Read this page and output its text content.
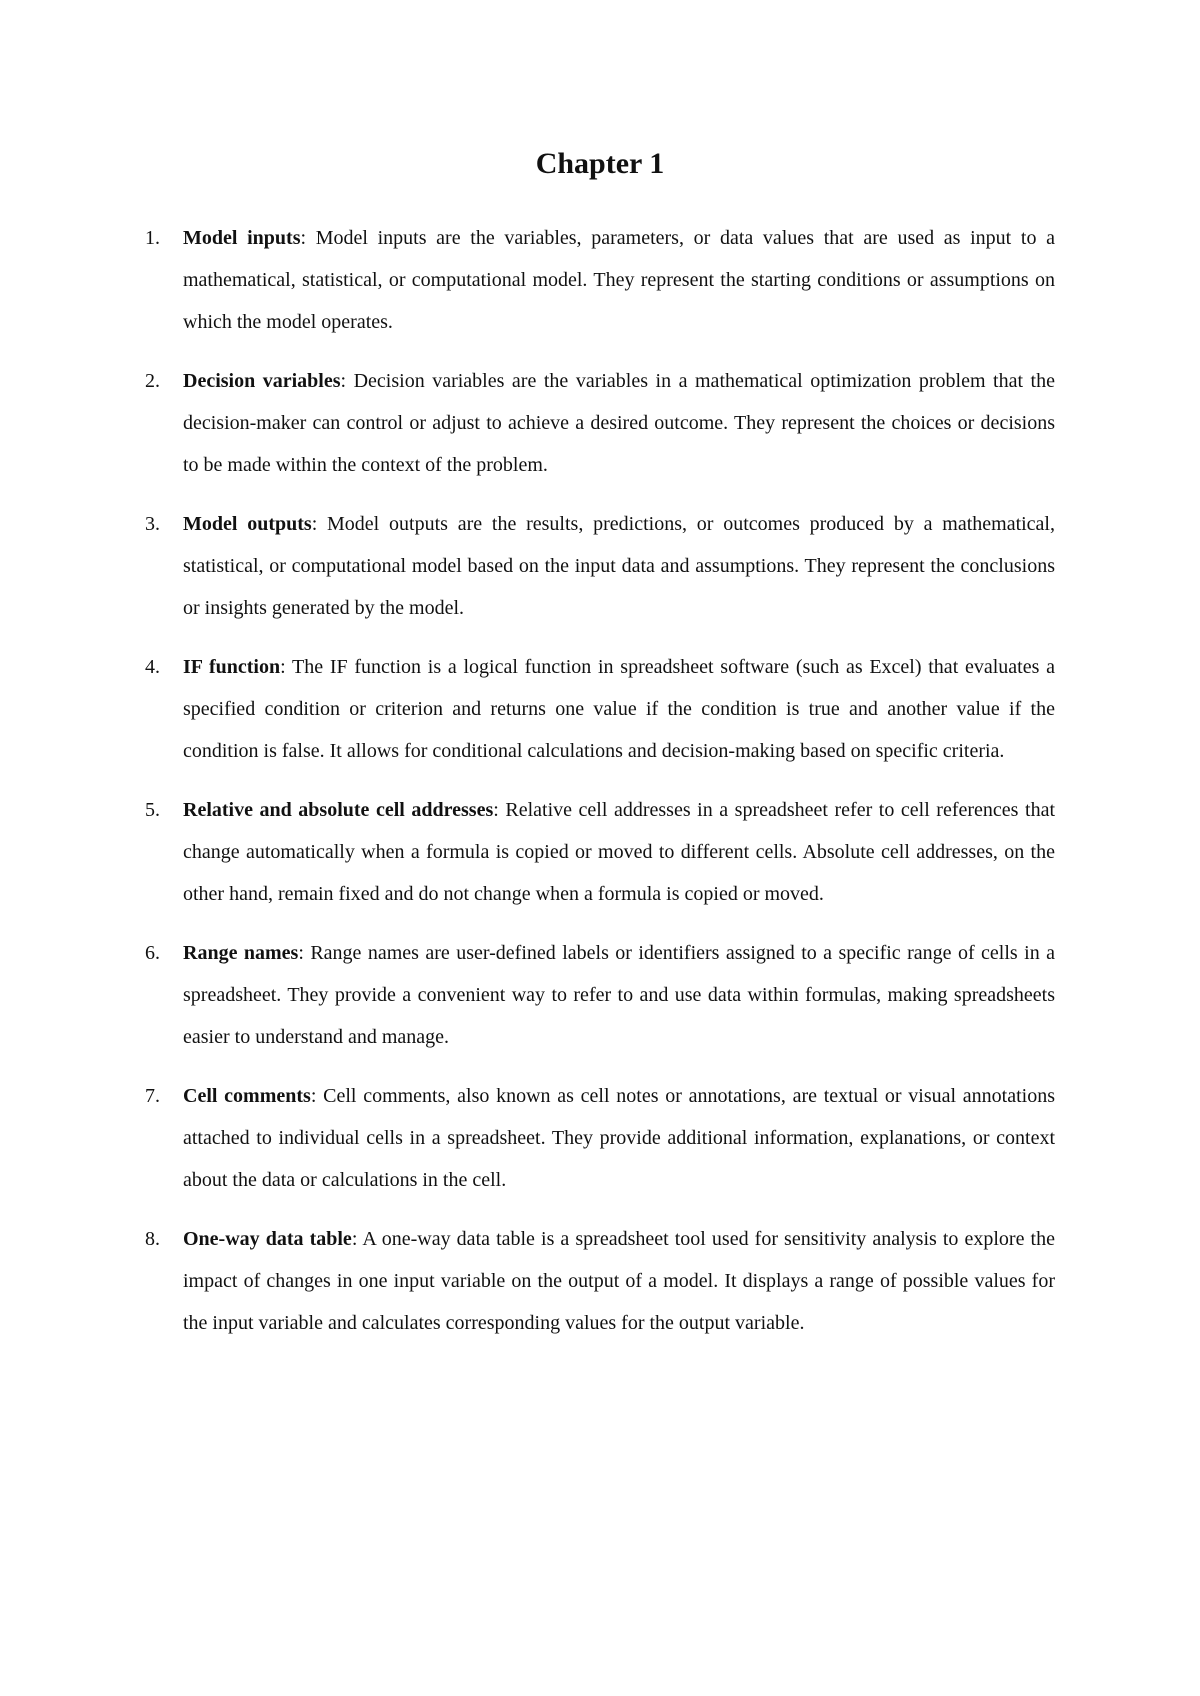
Chapter 1
1.	Model inputs: Model inputs are the variables, parameters, or data values that are used as input to a mathematical, statistical, or computational model. They represent the starting conditions or assumptions on which the model operates.
2.	Decision variables: Decision variables are the variables in a mathematical optimization problem that the decision-maker can control or adjust to achieve a desired outcome. They represent the choices or decisions to be made within the context of the problem.
3.	Model outputs: Model outputs are the results, predictions, or outcomes produced by a mathematical, statistical, or computational model based on the input data and assumptions. They represent the conclusions or insights generated by the model.
4.	IF function: The IF function is a logical function in spreadsheet software (such as Excel) that evaluates a specified condition or criterion and returns one value if the condition is true and another value if the condition is false. It allows for conditional calculations and decision-making based on specific criteria.
5.	Relative and absolute cell addresses: Relative cell addresses in a spreadsheet refer to cell references that change automatically when a formula is copied or moved to different cells. Absolute cell addresses, on the other hand, remain fixed and do not change when a formula is copied or moved.
6.	Range names: Range names are user-defined labels or identifiers assigned to a specific range of cells in a spreadsheet. They provide a convenient way to refer to and use data within formulas, making spreadsheets easier to understand and manage.
7.	Cell comments: Cell comments, also known as cell notes or annotations, are textual or visual annotations attached to individual cells in a spreadsheet. They provide additional information, explanations, or context about the data or calculations in the cell.
8.	One-way data table: A one-way data table is a spreadsheet tool used for sensitivity analysis to explore the impact of changes in one input variable on the output of a model. It displays a range of possible values for the input variable and calculates corresponding values for the output variable.
